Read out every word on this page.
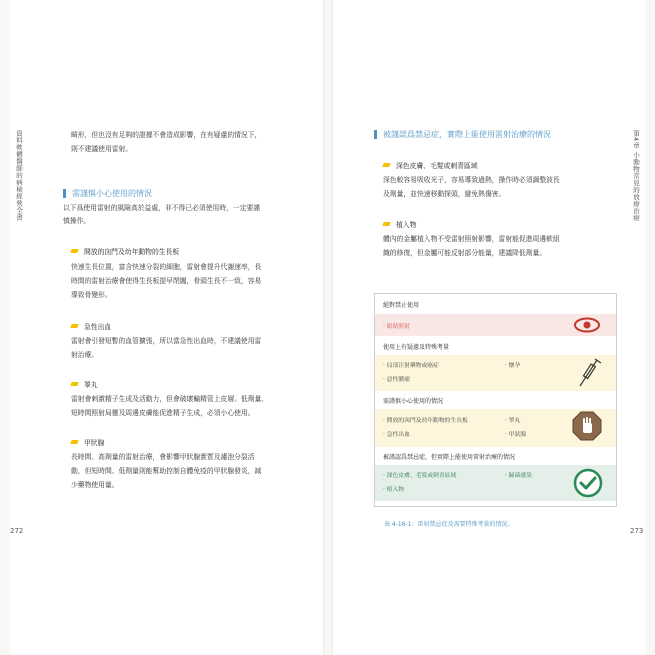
資料軟體醫師的病檢經營全書	第4章 小動物常見的放療治療
272	273
畸形，但也沒有足夠的證據不會造成影響，在有疑慮的情況下，
則不建議使用雷射。
需謹慎小心使用的情況
以下爲使用雷射的風險高於益處，非不得已必須使用時，一定要謹
慎操作。
開放的囟門及幼年動物的生長板
快速生長位置，富含快速分裂的細胞，雷射會提升代謝速率，長
時間的雷射治療會使得生長板提早閉闔，骨頭生長不一致，容易
導致骨變形。
急性出血
雷射會引發短暫的血管擴張，所以當急性出血時，不建議使用雷
射治療。
睪丸
雷射會刺激精子生成及活動力，但會破壞輸精管上皮層。低劑量、
短時間照射局靈及周邊皮膚能促進精子生成，必須小心使用。
甲狀腺
長時間、高劑量的雷射治療，會影響甲狀腺實質及濾泡分裂活
動，但短時間、低劑量則能幫助控制自體免疫的甲狀腺發炎，減
少藥物使用量。
被謹認爲禁忌症，實際上能使用雷射治療的情況
深色皮膚、毛髮或刺青區域
深色較容易吸收光子，容易導致過熱，操作時必須調整波長
及劑量，並快速移動探頭，避免熱傷害。
植入物
體內的金屬植入物不受雷射照射影響，雷射能促進周邊軟組
織的修復，但金屬可能反射部分能量，建議降低劑量。
絕對禁止使用
‧ 眼睛照射
使用上有疑慮及特殊考量
‧ 局部注射藥物或癌症
‧ 惡性腫瘤
‧ 懷孕
需謹慎小心使用的情況
‧ 開放的囟門及幼年動物的生長板
‧ 急性出血
‧ 睪丸
‧ 甲狀腺
被謹認爲禁忌症，但實際上能使用雷射治療的情況
‧ 深色皮膚、毛髮或刺青區域
‧ 植入物
‧ 歸菌感染
表 4-16-1：雷射禁忌症及需要特殊考量的情況。
